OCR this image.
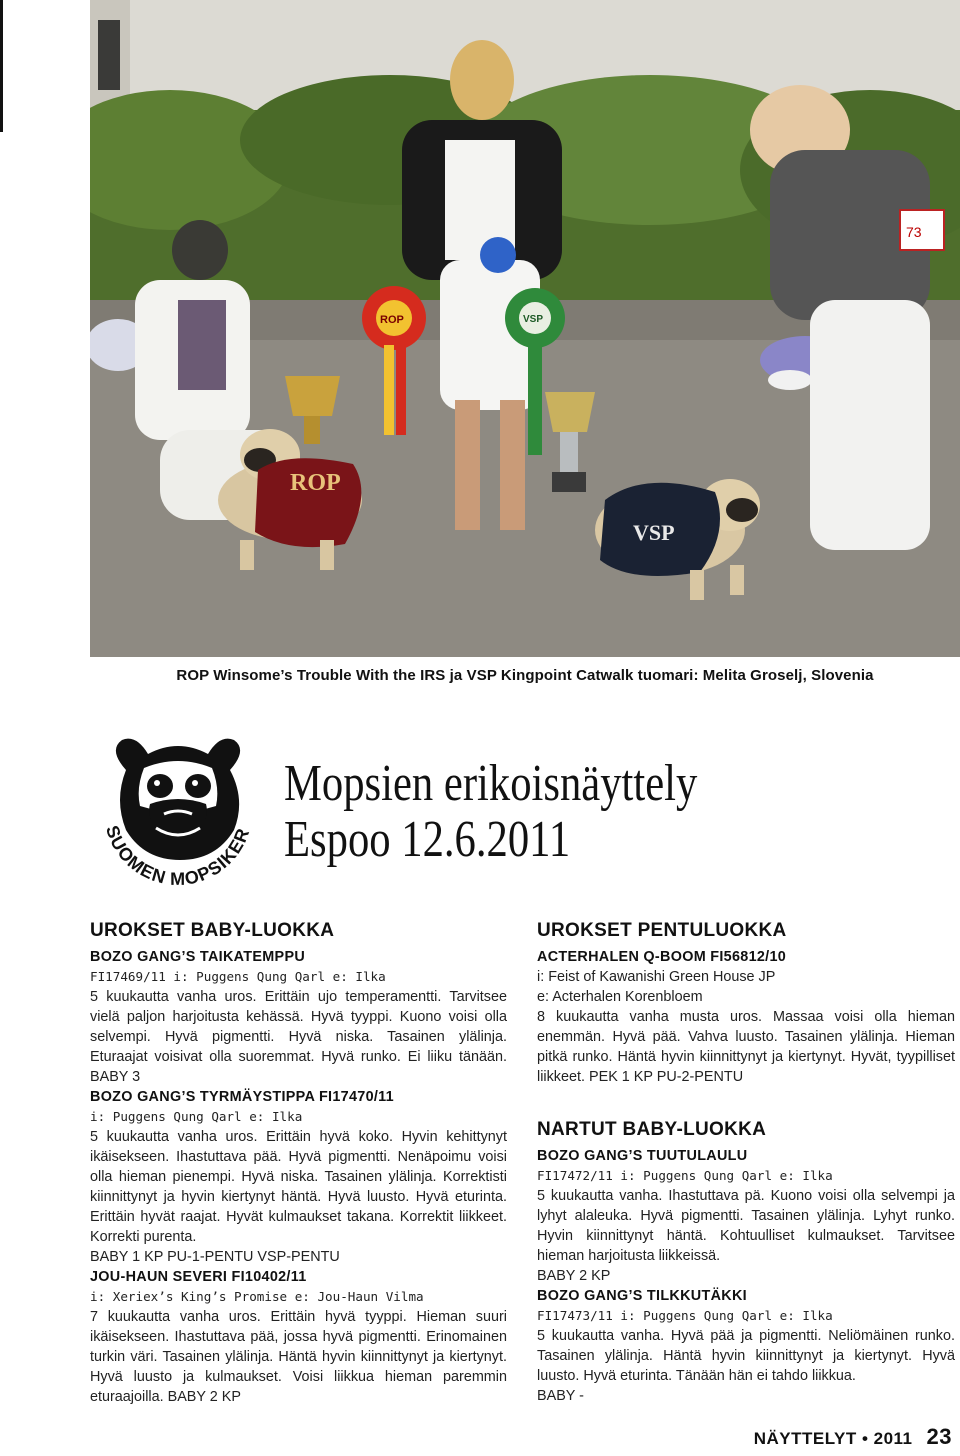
73
ROP	VSP
ROP
VSP
ROP Winsome’s Trouble With the IRS ja VSP Kingpoint Catwalk tuomari: Melita Groselj, Slovenia
SUOMEN MOPSIKER
Mopsien erikoisnäyttely
Espoo 12.6.2011
UROKSET BABY-LUOKKA
BOZO GANG’S TAIKATEMPPU

FI17469/11 i: Puggens Qung Qarl e: Ilka

5 kuukautta vanha uros. Erittäin ujo temperamentti. Tarvitsee vielä paljon harjoitusta kehässä. Hyvä tyyppi. Kuono voisi olla selvempi. Hyvä pigmentti. Hyvä niska. Tasainen ylälinja. Eturaajat voisivat olla suoremmat. Hyvä runko. Ei liiku tänään. BABY 3

BOZO GANG’S TYRMÄYSTIPPA FI17470/11

i: Puggens Qung Qarl e: Ilka

5 kuukautta vanha uros. Erittäin hyvä koko. Hyvin kehittynyt ikäisekseen. Ihastuttava pää. Hyvä pigmentti. Nenäpoimu voisi olla hieman pienempi. Hyvä niska. Tasainen ylälinja. Korrektisti kiinnittynyt ja hyvin kiertynyt häntä. Hyvä luusto. Hyvä eturinta. Erittäin hyvät raajat. Hyvät kulmaukset takana. Korrektit liikkeet. Korrekti purenta.

BABY 1 KP PU-1-PENTU VSP-PENTU

JOU-HAUN SEVERI FI10402/11

i: Xeriex’s King’s Promise e: Jou-Haun Vilma

7 kuukautta vanha uros. Erittäin hyvä tyyppi. Hieman suuri ikäisekseen. Ihastuttava pää, jossa hyvä pigmentti. Erinomainen turkin väri. Tasainen ylälinja. Häntä hyvin kiinnittynyt ja kiertynyt. Hyvä luusto ja kulmaukset. Voisi liikkua hieman paremmin eturaajoilla. BABY 2 KP

UROKSET PENTULUOKKA
ACTERHALEN Q-BOOM FI56812/10

i: Feist of Kawanishi Green House JP

e: Acterhalen Korenbloem

8 kuukautta vanha musta uros. Massaa voisi olla hieman enemmän. Hyvä pää. Vahva luusto. Tasainen ylälinja. Hieman pitkä runko. Häntä hyvin kiinnittynyt ja kiertynyt. Hyvät, tyypilliset liikkeet. PEK 1 KP PU-2-PENTU

NARTUT BABY-LUOKKA
BOZO GANG’S TUUTULAULU

FI17472/11 i: Puggens Qung Qarl e: Ilka

5 kuukautta vanha. Ihastuttava pä. Kuono voisi olla selvempi ja lyhyt alaleuka. Hyvä pigmentti. Tasainen ylälinja. Lyhyt runko. Hyvin kiinnittynyt häntä. Kohtuulliset kulmaukset. Tarvitsee hieman harjoitusta liikkeissä.

BABY 2 KP

BOZO GANG’S TILKKUTÄKKI

FI17473/11 i: Puggens Qung Qarl e: Ilka

5 kuukautta vanha. Hyvä pää ja pigmentti. Neliömäinen runko. Tasainen ylälinja. Häntä hyvin kiinnittynyt ja kiertynyt. Hyvä luusto. Hyvä eturinta. Tänään hän ei tahdo liikkua.

BABY -

NÄYTTELYT • 2011 23
